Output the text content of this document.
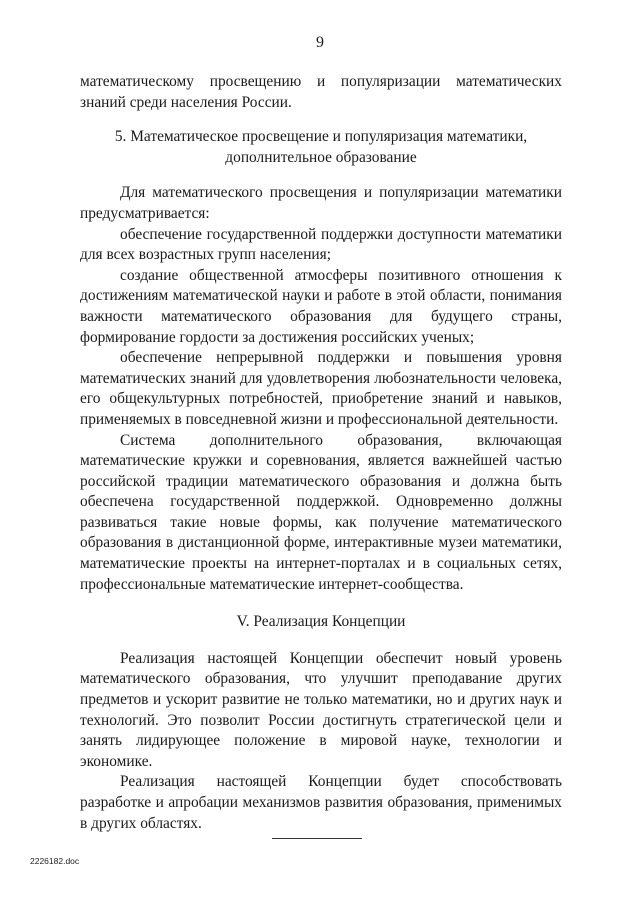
9

математическому просвещению и популяризации математических знаний среди населения России.

5. Математическое просвещение и популяризация математики,

дополнительное образование

Для математического просвещения и популяризации математики предусматривается:

обеспечение государственной поддержки доступности математики для всех возрастных групп населения;

создание общественной атмосферы позитивного отношения к достижениям математической науки и работе в этой области, понимания важности математического образования для будущего страны, формирование гордости за достижения российских ученых;

обеспечение непрерывной поддержки и повышения уровня математических знаний для удовлетворения любознательности человека, его общекультурных потребностей, приобретение знаний и навыков, применяемых в повседневной жизни и профессиональной деятельности.

Система дополнительного образования, включающая математические кружки и соревнования, является важнейшей частью российской традиции математического образования и должна быть обеспечена государственной поддержкой. Одновременно должны развиваться такие новые формы, как получение математического образования в дистанционной форме, интерактивные музеи математики, математические проекты на интернет-порталах и в социальных сетях, профессиональные математические интернет-сообщества.

V. Реализация Концепции

Реализация настоящей Концепции обеспечит новый уровень математического образования, что улучшит преподавание других предметов и ускорит развитие не только математики, но и других наук и технологий. Это позволит России достигнуть стратегической цели и занять лидирующее положение в мировой науке, технологии и экономике.

Реализация настоящей Концепции будет способствовать разработке и апробации механизмов развития образования, применимых в других областях.

2226182.doc
